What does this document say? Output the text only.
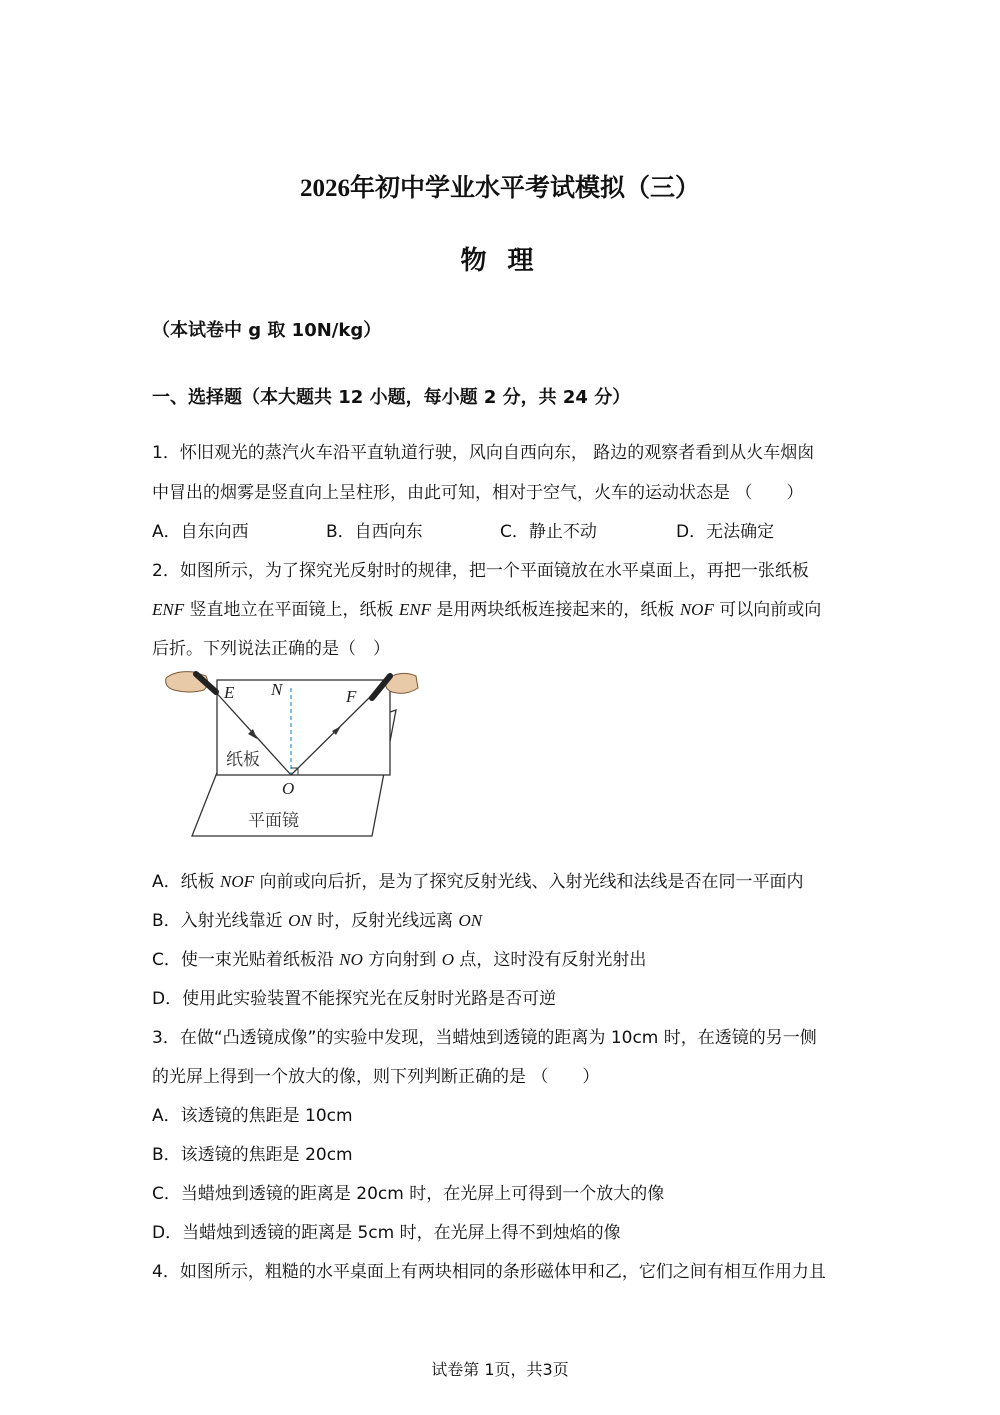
2026年初中学业水平考试模拟（三）
物 理
（本试卷中 g 取 10N/kg）
一、选择题（本大题共 12 小题，每小题 2 分，共 24 分）
1．怀旧观光的蒸汽火车沿平直轨道行驶，风向自西向东， 路边的观察者看到从火车烟囱
中冒出的烟雾是竖直向上呈柱形，由此可知，相对于空气，火车的运动状态是 （　　）
A．自东向西	B．自西向东	C．静止不动	D．无法确定
2．如图所示，为了探究光反射时的规律，把一个平面镜放在水平桌面上，再把一张纸板
ENF 竖直地立在平面镜上，纸板 ENF 是用两块纸板连接起来的，纸板 NOF 可以向前或向
后折。下列说法正确的是（　）
E N	F
O
纸板
平面镜
A．纸板 NOF 向前或向后折，是为了探究反射光线、入射光线和法线是否在同一平面内
B．入射光线靠近 ON 时，反射光线远离 ON
C．使一束光贴着纸板沿 NO 方向射到 O 点，这时没有反射光射出
D．使用此实验装置不能探究光在反射时光路是否可逆
3．在做“凸透镜成像”的实验中发现，当蜡烛到透镜的距离为 10cm 时，在透镜的另一侧
的光屏上得到一个放大的像，则下列判断正确的是 （　　）
A．该透镜的焦距是 10cm
B．该透镜的焦距是 20cm
C．当蜡烛到透镜的距离是 20cm 时，在光屏上可得到一个放大的像
D．当蜡烛到透镜的距离是 5cm 时，在光屏上得不到烛焰的像
4．如图所示，粗糙的水平桌面上有两块相同的条形磁体甲和乙，它们之间有相互作用力且
试卷第 1页，共3页
